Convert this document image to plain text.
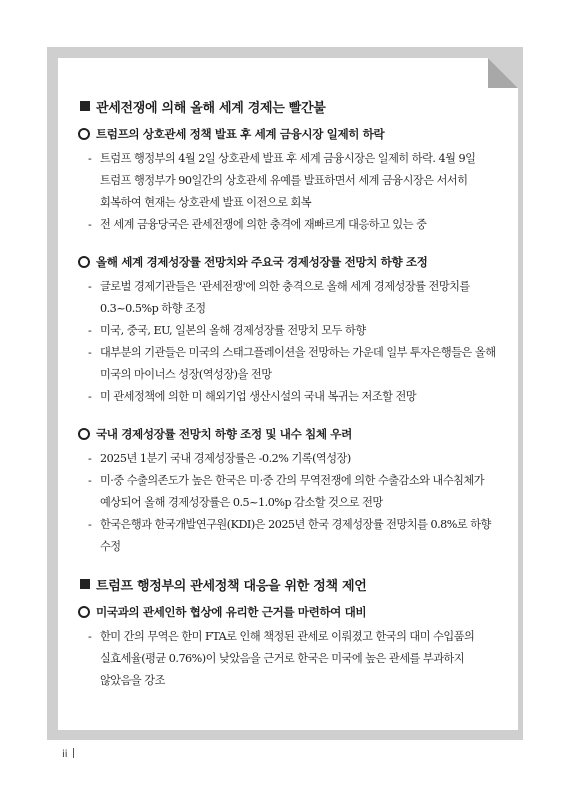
관세전쟁에 의해 올해 세계 경제는 빨간불
트럼프의 상호관세 정책 발표 후 세계 금융시장 일제히 하락
- 트럼프 행정부의 4월 2일 상호관세 발표 후 세계 금융시장은 일제히 하락. 4월 9일 트럼프 행정부가 90일간의 상호관세 유예를 발표하면서 세계 금융시장은 서서히 회복하여 현재는 상호관세 발표 이전으로 회복
- 전 세계 금융당국은 관세전쟁에 의한 충격에 재빠르게 대응하고 있는 중
올해 세계 경제성장률 전망치와 주요국 경제성장률 전망치 하향 조정
- 글로벌 경제기관들은 '관세전쟁'에 의한 충격으로 올해 세계 경제성장률 전망치를 0.3~0.5%p 하향 조정
- 미국, 중국, EU, 일본의 올해 경제성장률 전망치 모두 하향
- 대부분의 기관들은 미국의 스태그플레이션을 전망하는 가운데 일부 투자은행들은 올해 미국의 마이너스 성장(역성장)을 전망
- 미 관세정책에 의한 미 해외기업 생산시설의 국내 복귀는 저조할 전망
국내 경제성장률 전망치 하향 조정 및 내수 침체 우려
- 2025년 1분기 국내 경제성장률은 -0.2% 기록(역성장)
- 미·중 수출의존도가 높은 한국은 미·중 간의 무역전쟁에 의한 수출감소와 내수침체가 예상되어 올해 경제성장률은 0.5~1.0%p 감소할 것으로 전망
- 한국은행과 한국개발연구원(KDI)은 2025년 한국 경제성장률 전망치를 0.8%로 하향 수정
트럼프 행정부의 관세정책 대응을 위한 정책 제언
미국과의 관세인하 협상에 유리한 근거를 마련하여 대비
- 한미 간의 무역은 한미 FTA로 인해 책정된 관세로 이뤄졌고 한국의 대미 수입품의 실효세율(평균 0.76%)이 낮았음을 근거로 한국은 미국에 높은 관세를 부과하지 않았음을 강조
ii
